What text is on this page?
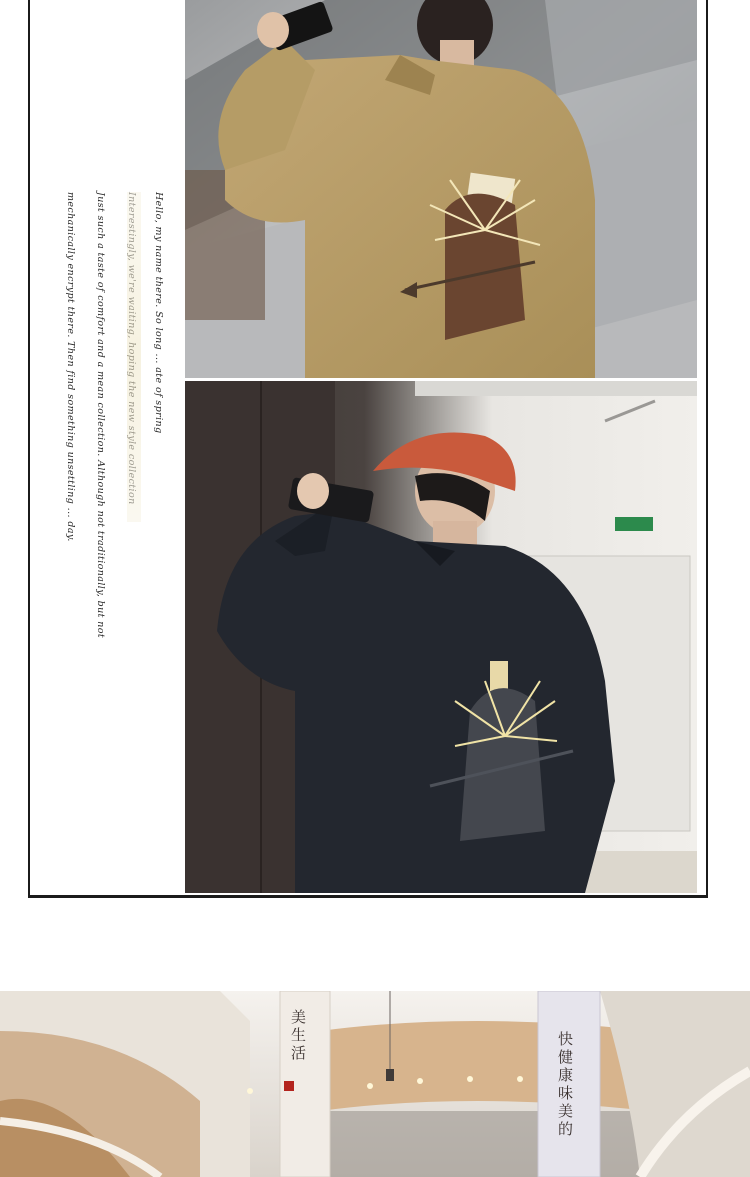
Hello, my name there. So long ... ate of spring
Just such a taste of comfort and a mean collection. Although not traditionally, but not
mechanically encrypt there. Then find something unsettling ... day.
美生活	快健康味美的
